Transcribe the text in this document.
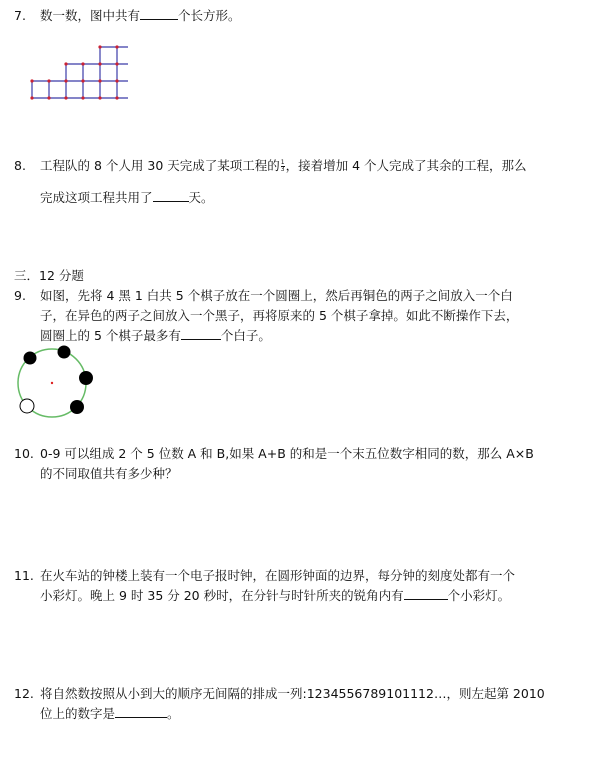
7. 数一数，图中共有	个长方形。
8. 工程队的 8 个人用 30 天完成了某项工程的 $\frac{1}{3}$ ，接着增加 4 个人完成了其余的工程，那么
完成这项工程共用了	天。
三．12 分题
9. 如图，先将 4 黑 1 白共 5 个棋子放在一个圆圈上，然后再铜色的两子之间放入一个白
子，在异色的两子之间放入一个黑子，再将原来的 5 个棋子拿掉。如此不断操作下去，
圆圈上的 5 个棋子最多有	个白子。
10. 0-9 可以组成 2 个 5 位数 A 和 B,如果 A+B 的和是一个末五位数字相同的数，那么 A×B
的不同取值共有多少种？
11. 在火车站的钟楼上装有一个电子报时钟，在圆形钟面的边界，每分钟的刻度处都有一个
小彩灯。晚上 9 时 35 分 20 秒时，在分针与时针所夹的锐角内有	个小彩灯。
12. 将自然数按照从小到大的顺序无间隔的排成一列:1234556789101112…，则左起第 2010
位上的数字是	。
